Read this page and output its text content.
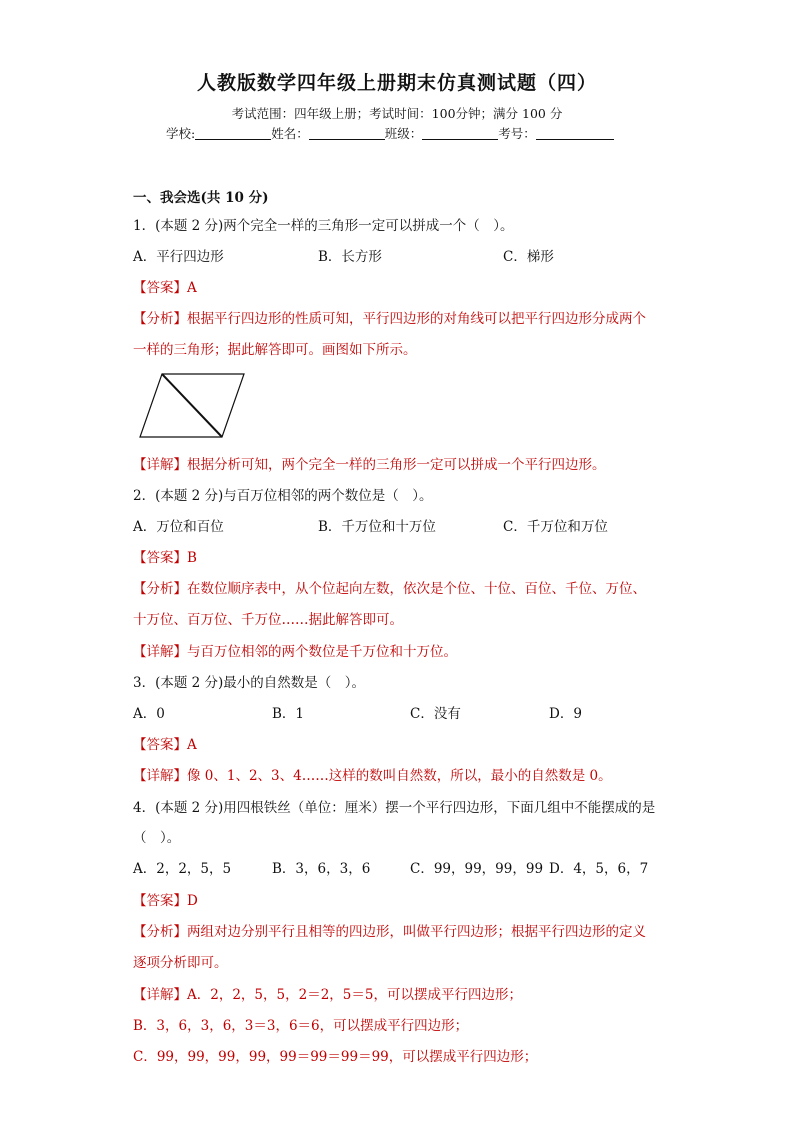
人教版数学四年级上册期末仿真测试题（四）
考试范围：四年级上册；考试时间：100分钟；满分 100 分
学校:	姓名：	班级：	考号：
一、我会选(共 10 分)
1．(本题 2 分)两个完全一样的三角形一定可以拼成一个（　）。
A．平行四边形	B．长方形	C．梯形
【答案】A
【分析】根据平行四边形的性质可知，平行四边形的对角线可以把平行四边形分成两个
一样的三角形；据此解答即可。画图如下所示。
【详解】根据分析可知，两个完全一样的三角形一定可以拼成一个平行四边形。
2．(本题 2 分)与百万位相邻的两个数位是（　）。
A．万位和百位	B．千万位和十万位	C．千万位和万位
【答案】B
【分析】在数位顺序表中，从个位起向左数，依次是个位、十位、百位、千位、万位、
十万位、百万位、千万位……据此解答即可。
【详解】与百万位相邻的两个数位是千万位和十万位。
3．(本题 2 分)最小的自然数是（　）。
A．0	B．1	C．没有	D．9
【答案】A
【详解】像 0、1、2、3、4……这样的数叫自然数，所以，最小的自然数是 0。
4．(本题 2 分)用四根铁丝（单位：厘米）摆一个平行四边形，下面几组中不能摆成的是
（　）。
A．2，2，5，5	B．3，6，3，6	C．99，99，99，99 D．4，5，6，7
【答案】D
【分析】两组对边分别平行且相等的四边形，叫做平行四边形；根据平行四边形的定义
逐项分析即可。
【详解】A．2，2，5，5，2＝2，5＝5，可以摆成平行四边形；
B．3，6，3，6，3＝3，6＝6，可以摆成平行四边形；
C．99，99，99，99，99＝99＝99＝99，可以摆成平行四边形；
